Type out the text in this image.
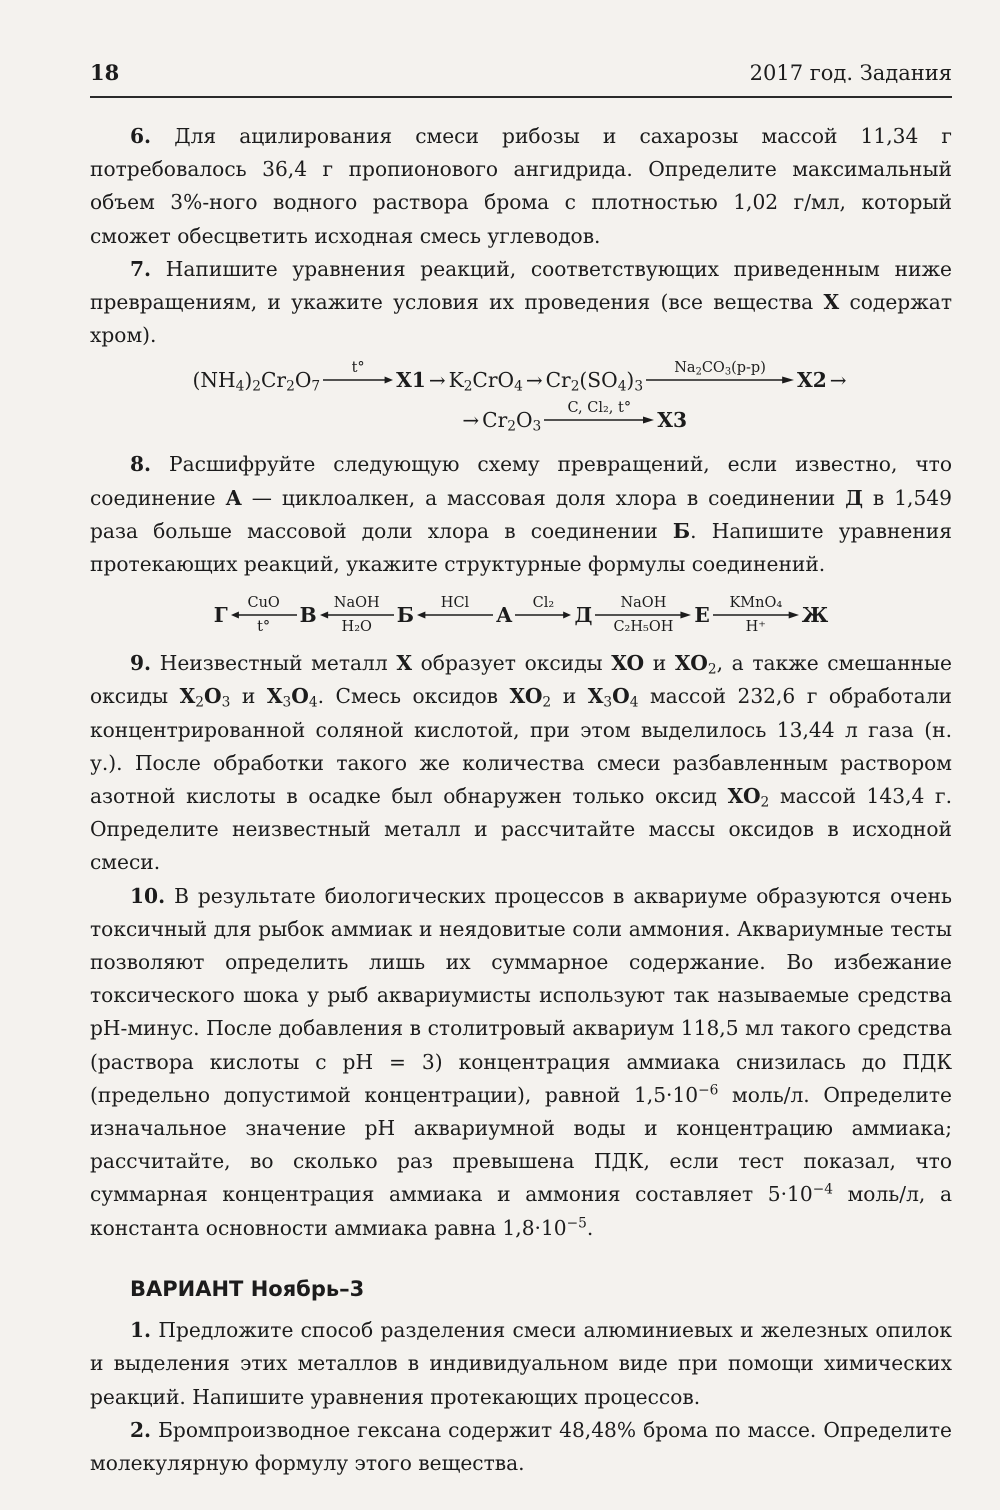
18	2017 год. Задания

6. Для ацилирования смеси рибозы и сахарозы массой 11,34 г потребовалось 36,4 г пропионового ангидрида. Определите максимальный объем 3%-ного водного раствора брома с плотностью 1,02 г/мл, который сможет обесцветить исходная смесь углеводов.

7. Напишите уравнения реакций, соответствующих приведенным ниже превращениям, и укажите условия их проведения (все вещества X содержат хром).

$(NH_4)_2Cr_2O_7$
t°	$X1 \to K_2CrO_4 \to Cr_2(SO_4)_3$
$Na_2CO_3(р-р)$	X2 →
→ $Cr_2O_3$
C, Cl₂, t°	X3

8. Расшифруйте следующую схему превращений, если известно, что соединение А — циклоалкен, а массовая доля хлора в соединении Д в 1,549 раза больше массовой доли хлора в соединении Б. Напишите уравнения протекающих реакций, укажите структурные формулы соединений.

Г	CuO
t°
В	NaOH
H₂O
Б	HCl	А	Cl₂	Д	NaOH
C₂H₅OH
Е	KMnO₄
H⁺
Ж

9. Неизвестный металл X образует оксиды XO и $XO_2$, а также смешанные оксиды $X_2O_3$ и $X_3O_4$. Смесь оксидов $XO_2$ и $X_3O_4$ массой 232,6 г обработали концентрированной соляной кислотой, при этом выделилось 13,44 л газа (н. у.). После обработки такого же количества смеси разбавленным раствором азотной кислоты в осадке был обнаружен только оксид $XO_2$ массой 143,4 г. Определите неизвестный металл и рассчитайте массы оксидов в исходной смеси.

10. В результате биологических процессов в аквариуме образуются очень токсичный для рыбок аммиак и неядовитые соли аммония. Аквариумные тесты позволяют определить лишь их суммарное содержание. Во избежание токсического шока у рыб аквариумисты используют так называемые средства рН-минус. После добавления в столитровый аквариум 118,5 мл такого средства (раствора кислоты с pH = 3) концентрация аммиака снизилась до ПДК (предельно допустимой концентрации), равной $1,5\cdot 10^{-6}$ моль/л. Определите изначальное значение pH аквариумной воды и концентрацию аммиака; рассчитайте, во сколько раз превышена ПДК, если тест показал, что суммарная концентрация аммиака и аммония составляет $5\cdot 10^{-4}$ моль/л, а константа основности аммиака равна $1,8\cdot 10^{-5}$.

ВАРИАНТ Ноябрь–3

1. Предложите способ разделения смеси алюминиевых и железных опилок и выделения этих металлов в индивидуальном виде при помощи химических реакций. Напишите уравнения протекающих процессов.

2. Бромпроизводное гексана содержит 48,48% брома по массе. Определите молекулярную формулу этого вещества.
